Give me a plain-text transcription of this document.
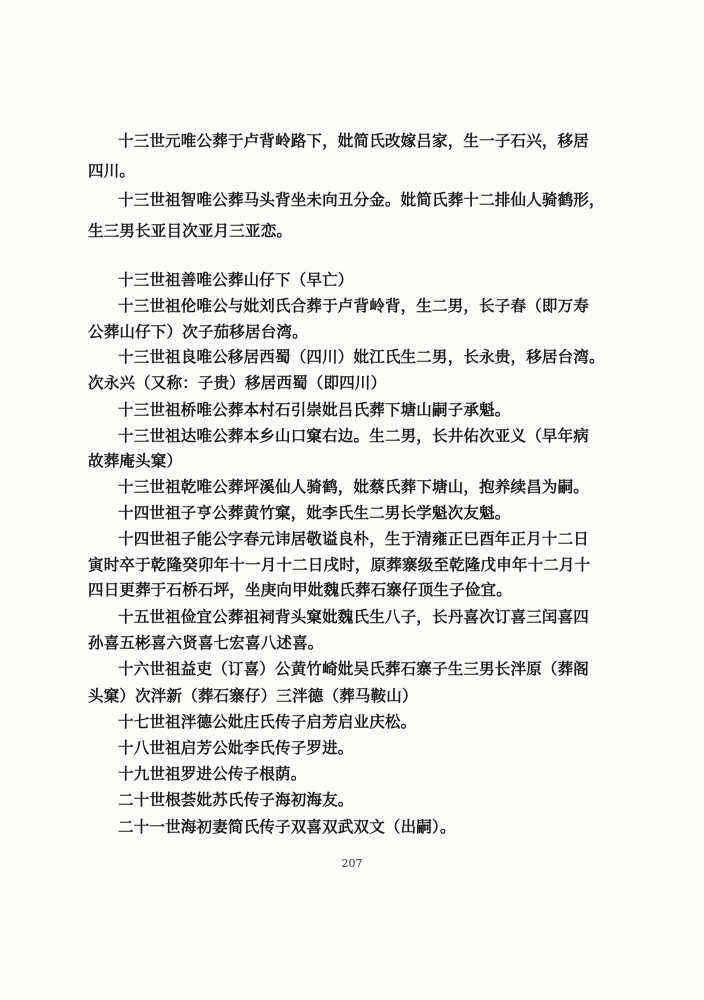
十三世元唯公葬于卢背岭路下，妣简氏改嫁吕家，生一子石兴，移居
四川。
十三世祖智唯公葬马头背坐未向丑分金。妣简氏葬十二排仙人骑鹤形，
生三男长亚目次亚月三亚恋。
十三世祖善唯公葬山仔下（早亡）
十三世祖伦唯公与妣刘氏合葬于卢背岭背，生二男，长子春（即万寿
公葬山仔下）次子茄移居台湾。
十三世祖良唯公移居西蜀（四川）妣江氏生二男，长永贵，移居台湾。
次永兴（又称：子贵）移居西蜀（即四川）
十三世祖桥唯公葬本村石引崇妣吕氏葬下塘山嗣子承魁。
十三世祖达唯公葬本乡山口窠右边。生二男，长井佑次亚义（早年病
故葬庵头窠）
十三世祖乾唯公葬坪溪仙人骑鹤，妣蔡氏葬下塘山，抱养续昌为嗣。
十四世祖子亨公葬黄竹窠，妣李氏生二男长学魁次友魁。
十四世祖子能公字春元讳居敬谥良朴，生于清雍正巳酉年正月十二日
寅时卒于乾隆癸卯年十一月十二日戌时，原葬寨级至乾隆戊申年十二月十
四日更葬于石桥石坪，坐庚向甲妣魏氏葬石寨仔顶生子俭宜。
十五世祖俭宜公葬祖祠背头窠妣魏氏生八子，长丹喜次订喜三闰喜四
孙喜五彬喜六贤喜七宏喜八述喜。
十六世祖益吏（订喜）公黄竹崎妣吴氏葬石寨子生三男长泮原（葬阁
头窠）次泮新（葬石寨仔）三泮德（葬马鞍山）
十七世祖泮德公妣庄氏传子启芳启业庆松。
十八世祖启芳公妣李氏传子罗进。
十九世祖罗进公传子根荫。
二十世根荟妣苏氏传子海初海友。
二十一世海初妻简氏传子双喜双武双文（出嗣）。
207
